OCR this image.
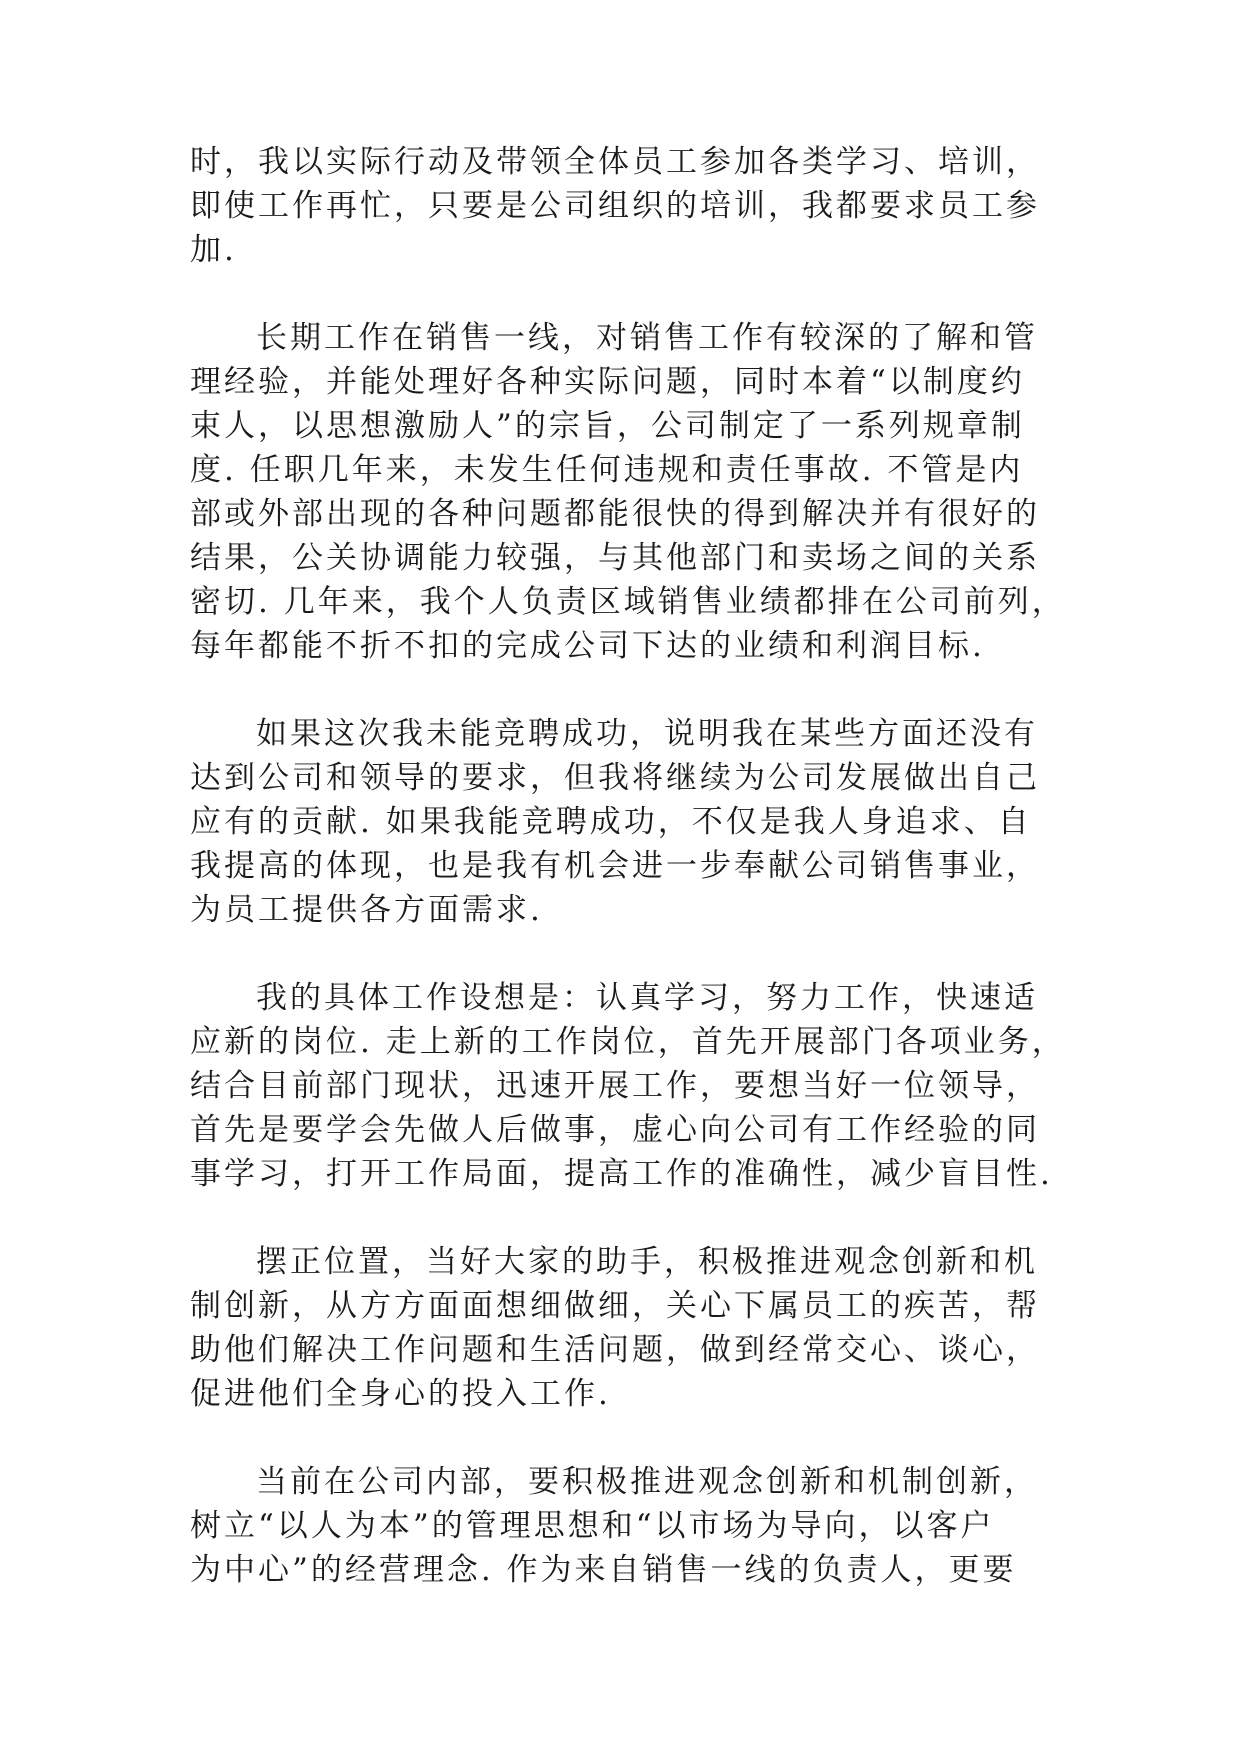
时，我以实际行动及带领全体员工参加各类学习、培训，
即使工作再忙，只要是公司组织的培训，我都要求员工参
加.
长期工作在销售一线，对销售工作有较深的了解和管
理经验，并能处理好各种实际问题，同时本着“以制度约
束人，以思想激励人”的宗旨，公司制定了一系列规章制
度. 任职几年来，未发生任何违规和责任事故. 不管是内
部或外部出现的各种问题都能很快的得到解决并有很好的
结果，公关协调能力较强，与其他部门和卖场之间的关系
密切. 几年来，我个人负责区域销售业绩都排在公司前列，
每年都能不折不扣的完成公司下达的业绩和利润目标.
如果这次我未能竞聘成功，说明我在某些方面还没有
达到公司和领导的要求，但我将继续为公司发展做出自己
应有的贡献. 如果我能竞聘成功，不仅是我人身追求、自
我提高的体现，也是我有机会进一步奉献公司销售事业，
为员工提供各方面需求.
我的具体工作设想是：认真学习，努力工作，快速适
应新的岗位. 走上新的工作岗位，首先开展部门各项业务，
结合目前部门现状，迅速开展工作，要想当好一位领导，
首先是要学会先做人后做事，虚心向公司有工作经验的同
事学习，打开工作局面，提高工作的准确性，减少盲目性.
摆正位置，当好大家的助手，积极推进观念创新和机
制创新，从方方面面想细做细，关心下属员工的疾苦，帮
助他们解决工作问题和生活问题，做到经常交心、谈心，
促进他们全身心的投入工作.
当前在公司内部，要积极推进观念创新和机制创新，
树立“以人为本”的管理思想和“以市场为导向，以客户
为中心”的经营理念. 作为来自销售一线的负责人，更要
